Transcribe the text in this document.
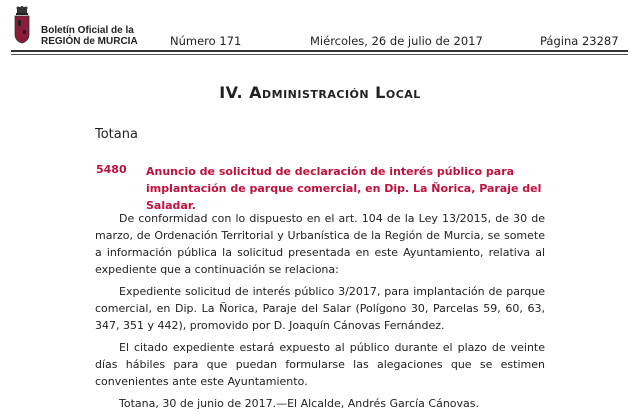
Boletín Oficial de la
REGIÓN de MURCIA	Número 171	Miércoles, 26 de julio de 2017	Página 23287
IV. Administración Local
Totana
5480 Anuncio de solicitud de declaración de interés público para implantación de parque comercial, en Dip. La Ñorica, Paraje del Saladar.

De conformidad con lo dispuesto en el art. 104 de la Ley 13/2015, de 30 de marzo, de Ordenación Territorial y Urbanística de la Región de Murcia, se somete a información pública la solicitud presentada en este Ayuntamiento, relativa al expediente que a continuación se relaciona:

Expediente solicitud de interés público 3/2017, para implantación de parque comercial, en Dip. La Ñorica, Paraje del Salar (Polígono 30, Parcelas 59, 60, 63, 347, 351 y 442), promovido por D. Joaquín Cánovas Fernández.

El citado expediente estará expuesto al público durante el plazo de veinte días hábiles para que puedan formularse las alegaciones que se estimen convenientes ante este Ayuntamiento.

Totana, 30 de junio de 2017.—El Alcalde, Andrés García Cánovas.
